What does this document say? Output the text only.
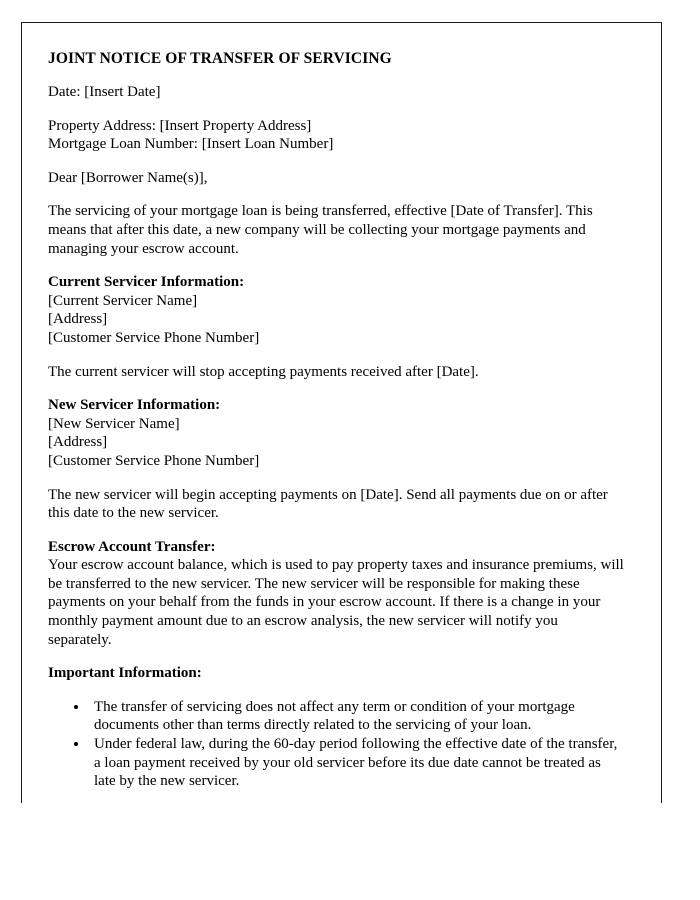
JOINT NOTICE OF TRANSFER OF SERVICING
Date: [Insert Date]
Property Address: [Insert Property Address]
Mortgage Loan Number: [Insert Loan Number]
Dear [Borrower Name(s)],
The servicing of your mortgage loan is being transferred, effective [Date of Transfer]. This means that after this date, a new company will be collecting your mortgage payments and managing your escrow account.
Current Servicer Information:
[Current Servicer Name]
[Address]
[Customer Service Phone Number]
The current servicer will stop accepting payments received after [Date].
New Servicer Information:
[New Servicer Name]
[Address]
[Customer Service Phone Number]
The new servicer will begin accepting payments on [Date]. Send all payments due on or after this date to the new servicer.
Escrow Account Transfer:
Your escrow account balance, which is used to pay property taxes and insurance premiums, will be transferred to the new servicer. The new servicer will be responsible for making these payments on your behalf from the funds in your escrow account. If there is a change in your monthly payment amount due to an escrow analysis, the new servicer will notify you separately.
Important Information:
• The transfer of servicing does not affect any term or condition of your mortgage documents other than terms directly related to the servicing of your loan.
• Under federal law, during the 60-day period following the effective date of the transfer, a loan payment received by your old servicer before its due date cannot be treated as late by the new servicer.
